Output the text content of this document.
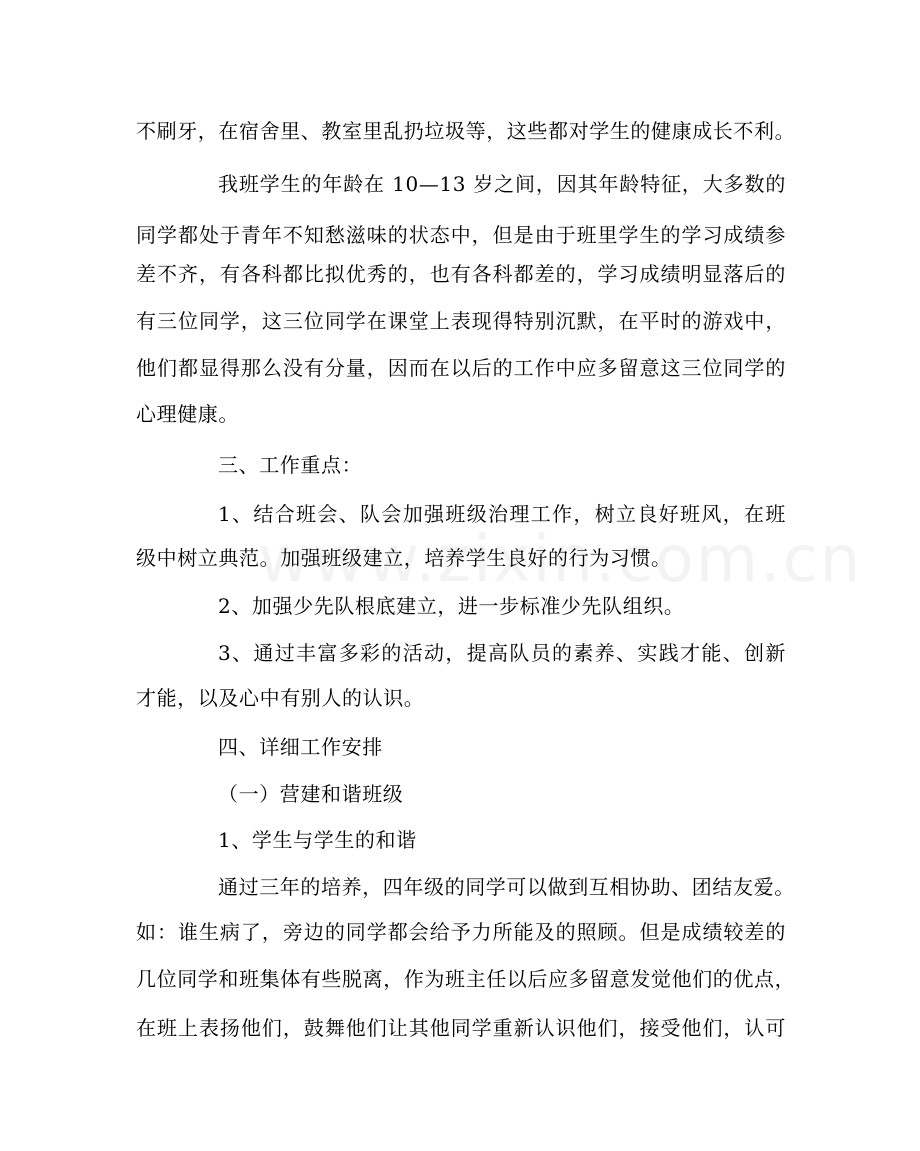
不刷牙，在宿舍里、教室里乱扔垃圾等，这些都对学生的健康成长不利。
我班学生的年龄在 10—13 岁之间，因其年龄特征，大多数的
同学都处于青年不知愁滋味的状态中，但是由于班里学生的学习成绩参
差不齐，有各科都比拟优秀的，也有各科都差的，学习成绩明显落后的
有三位同学，这三位同学在课堂上表现得特别沉默，在平时的游戏中，
他们都显得那么没有分量，因而在以后的工作中应多留意这三位同学的
心理健康。
三、工作重点：
1、结合班会、队会加强班级治理工作，树立良好班风，在班
级中树立典范。加强班级建立，培养学生良好的行为习惯。
2、加强少先队根底建立，进一步标准少先队组织。
3、通过丰富多彩的活动，提高队员的素养、实践才能、创新
才能，以及心中有别人的认识。
四、详细工作安排
（一）营建和谐班级
1、学生与学生的和谐
通过三年的培养，四年级的同学可以做到互相协助、团结友爱。
如：谁生病了，旁边的同学都会给予力所能及的照顾。但是成绩较差的
几位同学和班集体有些脱离，作为班主任以后应多留意发觉他们的优点，
在班上表扬他们，鼓舞他们让其他同学重新认识他们，接受他们，认可
